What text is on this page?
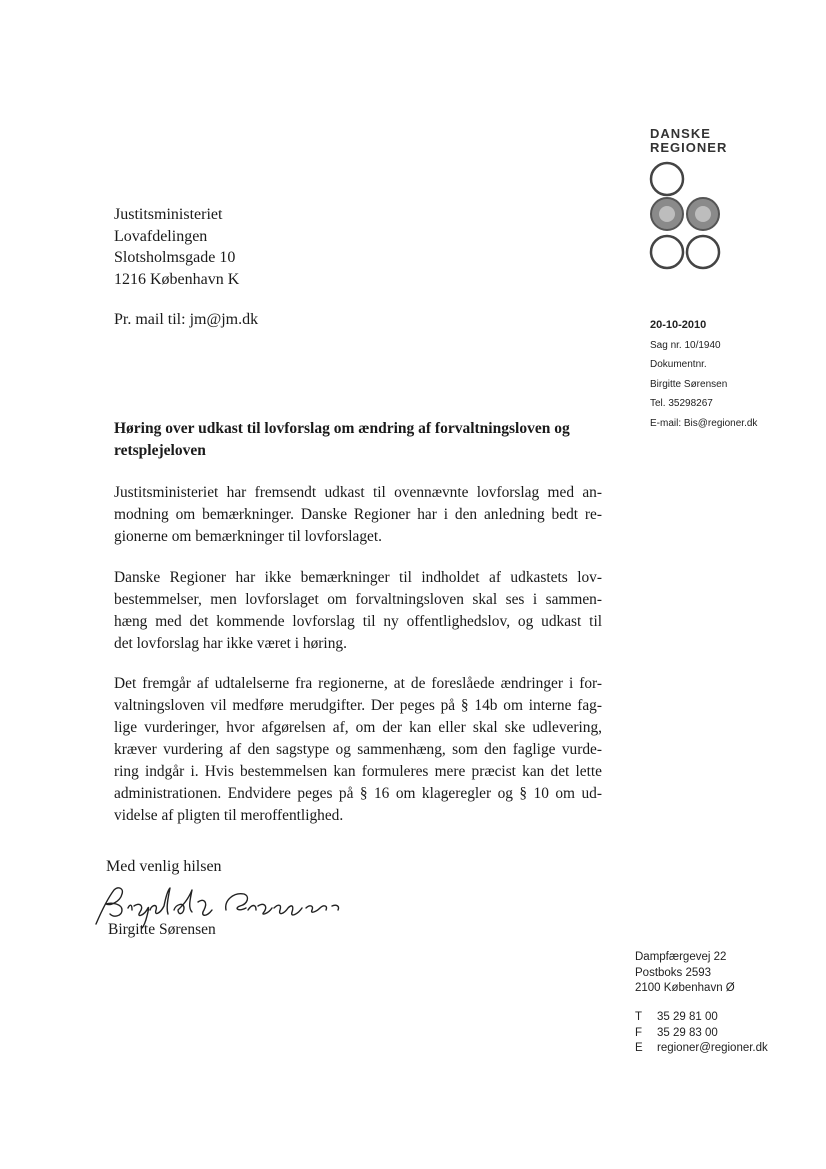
DANSKE
REGIONER
Justitsministeriet
Lovafdelingen
Slotsholmsgade 10
1216 København K
Pr. mail til: jm@jm.dk	20-10-2010
Sag nr. 10/1940
Dokumentnr.
Birgitte Sørensen
Tel. 35298267
E-mail: Bis@regioner.dk
Høring over udkast til lovforslag om ændring af forvaltningsloven og retsplejeloven
Justitsministeriet har fremsendt udkast til ovennævnte lovforslag med an-
modning om bemærkninger. Danske Regioner har i den anledning bedt re-
gionerne om bemærkninger til lovforslaget.
Danske Regioner har ikke bemærkninger til indholdet af udkastets lov-
bestemmelser, men lovforslaget om forvaltningsloven skal ses i sammen-
hæng med det kommende lovforslag til ny offentlighedslov, og udkast til
det lovforslag har ikke været i høring.
Det fremgår af udtalelserne fra regionerne, at de foreslåede ændringer i for-
valtningsloven vil medføre merudgifter. Der peges på § 14b om interne fag-
lige vurderinger, hvor afgørelsen af, om der kan eller skal ske udlevering,
kræver vurdering af den sagstype og sammenhæng, som den faglige vurde-
ring indgår i. Hvis bestemmelsen kan formuleres mere præcist kan det lette
administrationen. Endvidere peges på § 16 om klageregler og § 10 om ud-
videlse af pligten til meroffentlighed.
Med venlig hilsen
Birgitte Sørensen
Dampfærgevej 22
Postboks 2593
2100 København Ø
T 35 29 81 00
F 35 29 83 00
E regioner@regioner.dk
